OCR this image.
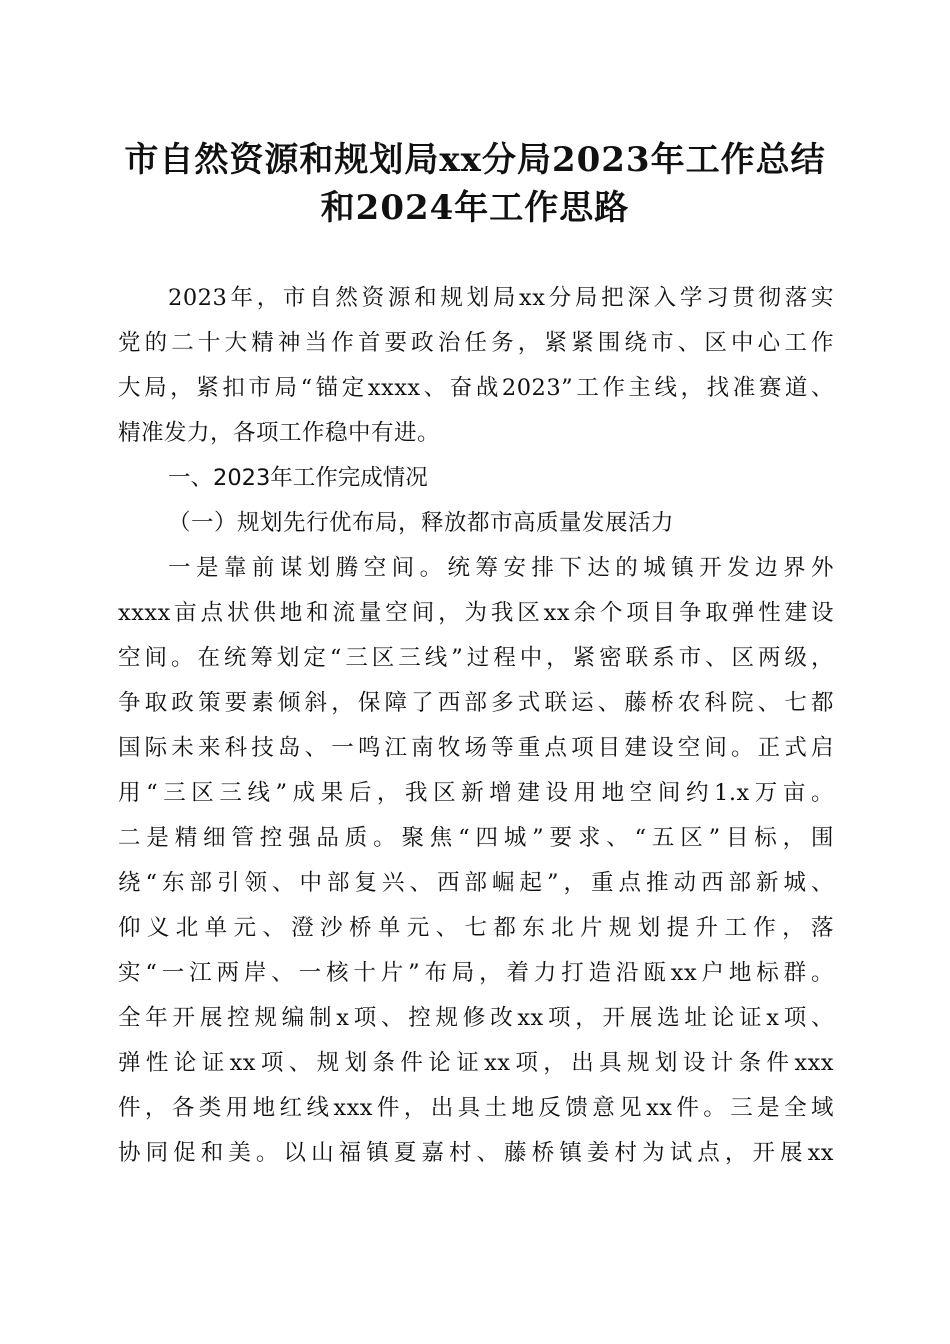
市自然资源和规划局xx分局2023年工作总结
和2024年工作思路

2023年，市自然资源和规划局xx分局把深入学习贯彻落实

党的二十大精神当作首要政治任务，紧紧围绕市、区中心工作

大局，紧扣市局“锚定xxxx、奋战2023”工作主线，找准赛道、

精准发力，各项工作稳中有进。

一、2023年工作完成情况

（一）规划先行优布局，释放都市高质量发展活力

一是靠前谋划腾空间。统筹安排下达的城镇开发边界外

xxxx亩点状供地和流量空间，为我区xx余个项目争取弹性建设

空间。在统筹划定“三区三线”过程中，紧密联系市、区两级，

争取政策要素倾斜，保障了西部多式联运、藤桥农科院、七都

国际未来科技岛、一鸣江南牧场等重点项目建设空间。正式启

用“三区三线”成果后，我区新增建设用地空间约1.x万亩。

二是精细管控强品质。聚焦“四城”要求、“五区”目标，围

绕“东部引领、中部复兴、西部崛起”，重点推动西部新城、

仰义北单元、澄沙桥单元、七都东北片规划提升工作，落

实“一江两岸、一核十片”布局，着力打造沿瓯xx户地标群。

全年开展控规编制x项、控规修改xx项，开展选址论证x项、

弹性论证xx项、规划条件论证xx项，出具规划设计条件xxx

件，各类用地红线xxx件，出具土地反馈意见xx件。三是全域

协同促和美。以山福镇夏嘉村、藤桥镇姜村为试点，开展xx
